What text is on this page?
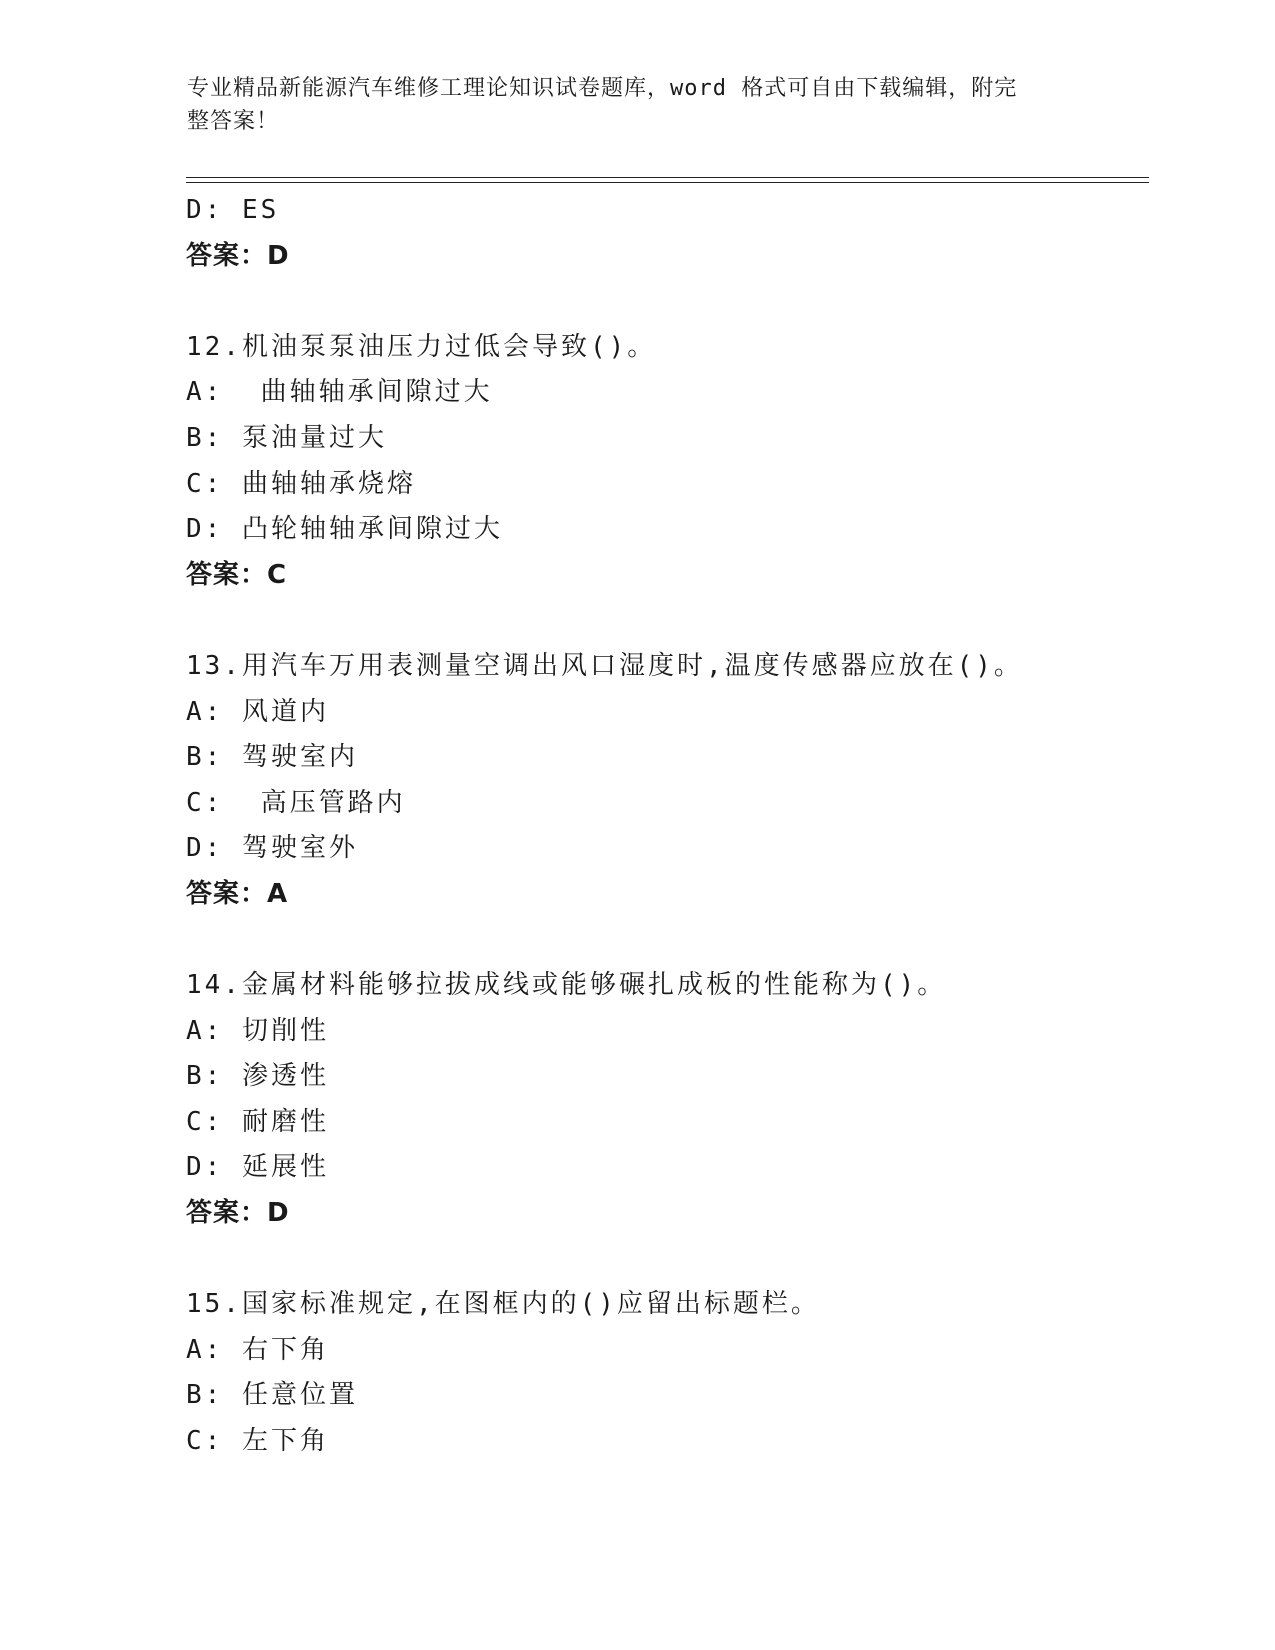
专业精品新能源汽车维修工理论知识试卷题库，word 格式可自由下载编辑，附完
整答案！
D: ES
答案：D
12.机油泵泵油压力过低会导致()。
A:  曲轴轴承间隙过大
B: 泵油量过大
C: 曲轴轴承烧熔
D: 凸轮轴轴承间隙过大
答案：C
13.用汽车万用表测量空调出风口湿度时,温度传感器应放在()。
A: 风道内
B: 驾驶室内
C:  高压管路内
D: 驾驶室外
答案：A
14.金属材料能够拉拔成线或能够碾扎成板的性能称为()。
A: 切削性
B: 渗透性
C: 耐磨性
D: 延展性
答案：D
15.国家标准规定,在图框内的()应留出标题栏。
A: 右下角
B: 任意位置
C: 左下角
